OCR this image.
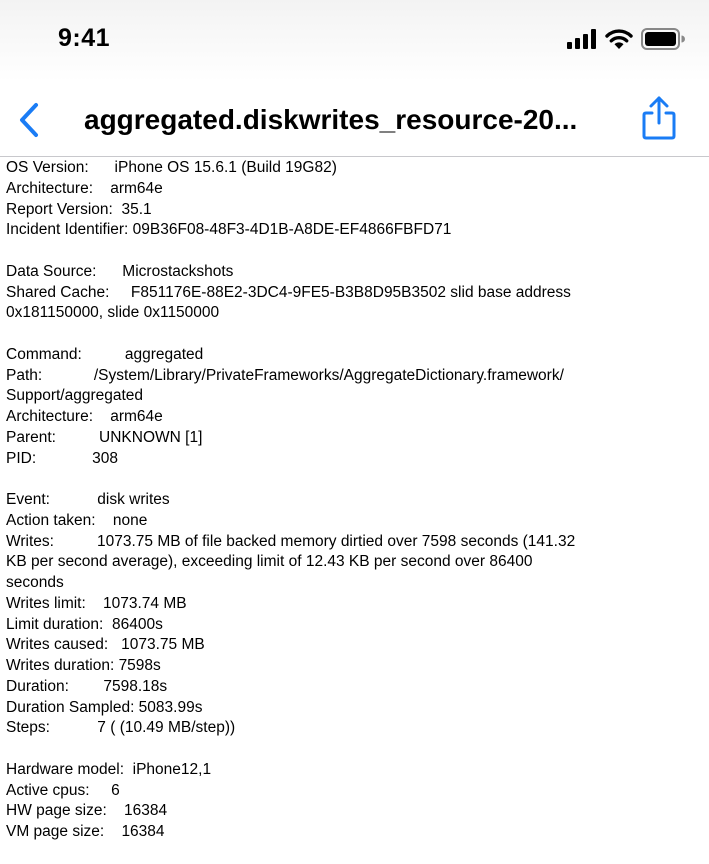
9:41
aggregated.diskwrites_resource-20...
OS Version:      iPhone OS 15.6.1 (Build 19G82)
Architecture:    arm64e
Report Version:  35.1
Incident Identifier: 09B36F08-48F3-4D1B-A8DE-EF4866FBFD71
Data Source:      Microstackshots
Shared Cache:     F851176E-88E2-3DC4-9FE5-B3B8D95B3502 slid base address
0x181150000, slide 0x1150000
Command:          aggregated
Path:            /System/Library/PrivateFrameworks/AggregateDictionary.framework/
Support/aggregated
Architecture:    arm64e
Parent:          UNKNOWN [1]
PID:             308
Event:           disk writes
Action taken:    none
Writes:          1073.75 MB of file backed memory dirtied over 7598 seconds (141.32
KB per second average), exceeding limit of 12.43 KB per second over 86400
seconds
Writes limit:    1073.74 MB
Limit duration:  86400s
Writes caused:   1073.75 MB
Writes duration: 7598s
Duration:        7598.18s
Duration Sampled: 5083.99s
Steps:           7 ( (10.49 MB/step))
Hardware model:  iPhone12,1
Active cpus:     6
HW page size:    16384
VM page size:    16384
